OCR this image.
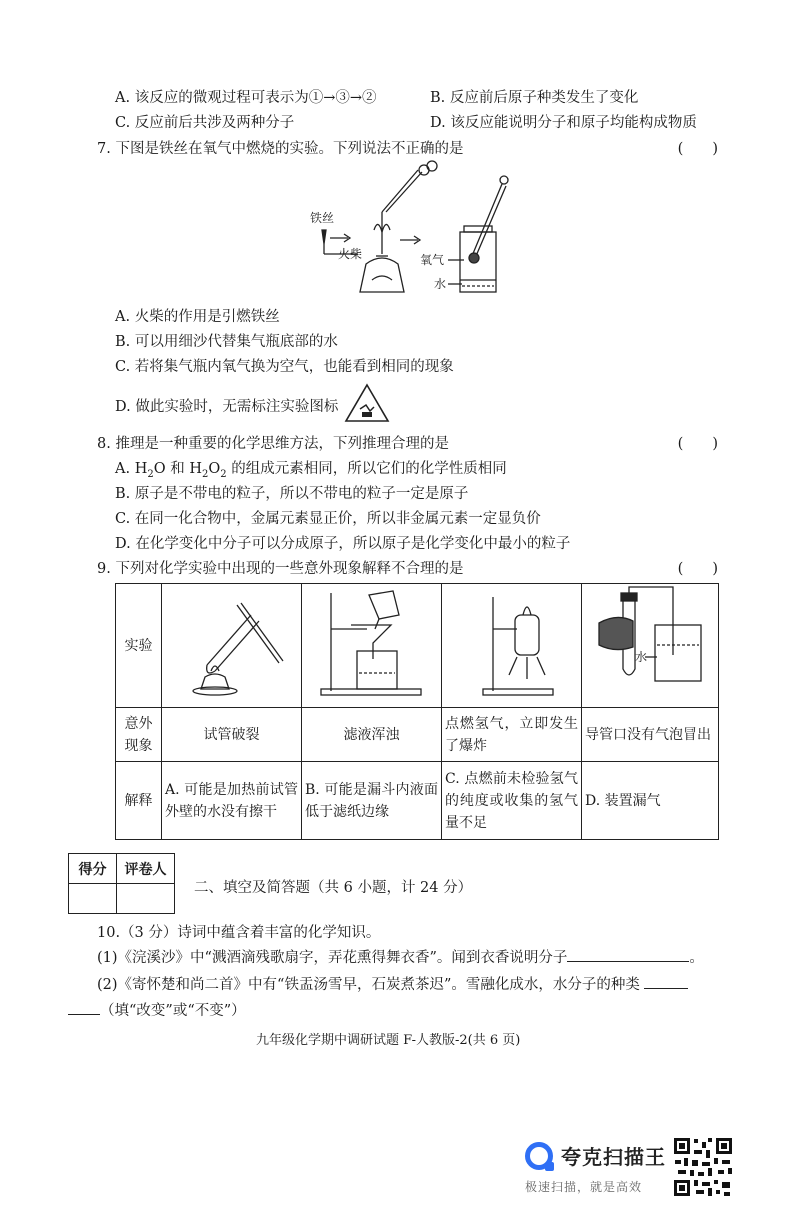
A. 该反应的微观过程可表示为①→③→②	B. 反应前后原子种类发生了变化
C. 反应前后共涉及两种分子	D. 该反应能说明分子和原子均能构成物质
7. 下图是铁丝在氧气中燃烧的实验。下列说法不正确的是	(　　)
铁丝
火柴	氧气
水
A. 火柴的作用是引燃铁丝
B. 可以用细沙代替集气瓶底部的水
C. 若将集气瓶内氧气换为空气，也能看到相同的现象
D. 做此实验时，无需标注实验图标
8. 推理是一种重要的化学思维方法，下列推理合理的是	(　　)
A. $H_2O$ 和 $H_2O_2$ 的组成元素相同，所以它们的化学性质相同
B. 原子是不带电的粒子，所以不带电的粒子一定是原子
C. 在同一化合物中，金属元素显正价，所以非金属元素一定显负价
D. 在化学变化中分子可以分成原子，所以原子是化学变化中最小的粒子
9. 下列对化学实验中出现的一些意外现象解释不合理的是	(　　)
实验				水

意外现象	试管破裂	滤液浑浊	点燃氢气，立即发生了爆炸	导管口没有气泡冒出
解释	A. 可能是加热前试管外壁的水没有擦干	B. 可能是漏斗内液面低于滤纸边缘	C. 点燃前未检验氢气的纯度或收集的氢气量不足	D. 装置漏气
得分	评卷人

二、填空及简答题（共 6 小题，计 24 分）
10.（3 分）诗词中蕴含着丰富的化学知识。
(1)《浣溪沙》中“溅酒滴残歌扇字，弄花熏得舞衣香”。闻到衣香说明分子	。
(2)《寄怀楚和尚二首》中有“铁盂汤雪早，石炭煮茶迟”。雪融化成水，水分子的种类
（填“改变”或“不变”）
九年级化学期中调研试题 F-人教版-2(共 6 页)
夸克扫描王
极速扫描，就是高效
